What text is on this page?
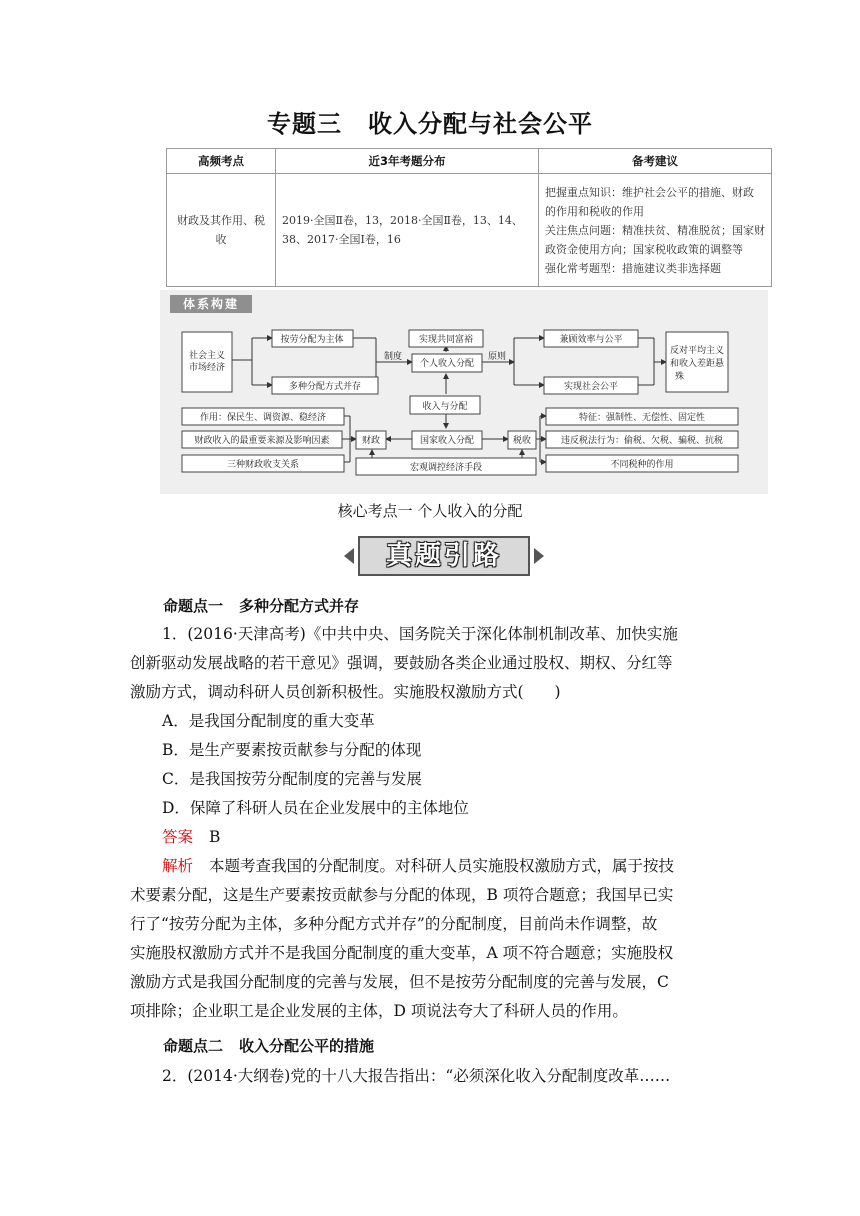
专题三 收入分配与社会公平
高频考点	近3年考题分布	备考建议
财政及其作用、税收	2019·全国Ⅱ卷，13，2018·全国Ⅱ卷，13、14、38、2017·全国Ⅰ卷，16	把握重点知识：维护社会公平的措施、财政
的作用和税收的作用
关注焦点问题：精准扶贫、精准脱贫；国家财
政资金使用方向；国家税收政策的调整等
强化常考题型：措施建议类非选择题
体系构建
社会主义
市场经济
按劳分配为主体
多种分配方式并存
实现共同富裕
个人收入分配
制度	原则
兼顾效率与公平
实现社会公平
反对平均主义
和收入差距悬
殊
收入与分配
作用：保民生、调资源、稳经济
财政收入的最重要来源及影响因素
三种财政收支关系
财政	国家收入分配	税收
宏观调控经济手段
特征：强制性、无偿性、固定性
违反税法行为：偷税、欠税、骗税、抗税
不同税种的作用
核心考点一 个人收入的分配
真题引路
命题点一 多种分配方式并存
1．(2016·天津高考)《中共中央、国务院关于深化体制机制改革、加快实施
创新驱动发展战略的若干意见》强调，要鼓励各类企业通过股权、期权、分红等
激励方式，调动科研人员创新积极性。实施股权激励方式(　　)
A．是我国分配制度的重大变革
B．是生产要素按贡献参与分配的体现
C．是我国按劳分配制度的完善与发展
D．保障了科研人员在企业发展中的主体地位
答案 B
解析 本题考查我国的分配制度。对科研人员实施股权激励方式，属于按技
术要素分配，这是生产要素按贡献参与分配的体现，B 项符合题意；我国早已实
行了“按劳分配为主体，多种分配方式并存”的分配制度，目前尚未作调整，故
实施股权激励方式并不是我国分配制度的重大变革，A 项不符合题意；实施股权
激励方式是我国分配制度的完善与发展，但不是按劳分配制度的完善与发展，C
项排除；企业职工是企业发展的主体，D 项说法夸大了科研人员的作用。
命题点二 收入分配公平的措施
2．(2014·大纲卷)党的十八大报告指出：“必须深化收入分配制度改革……
